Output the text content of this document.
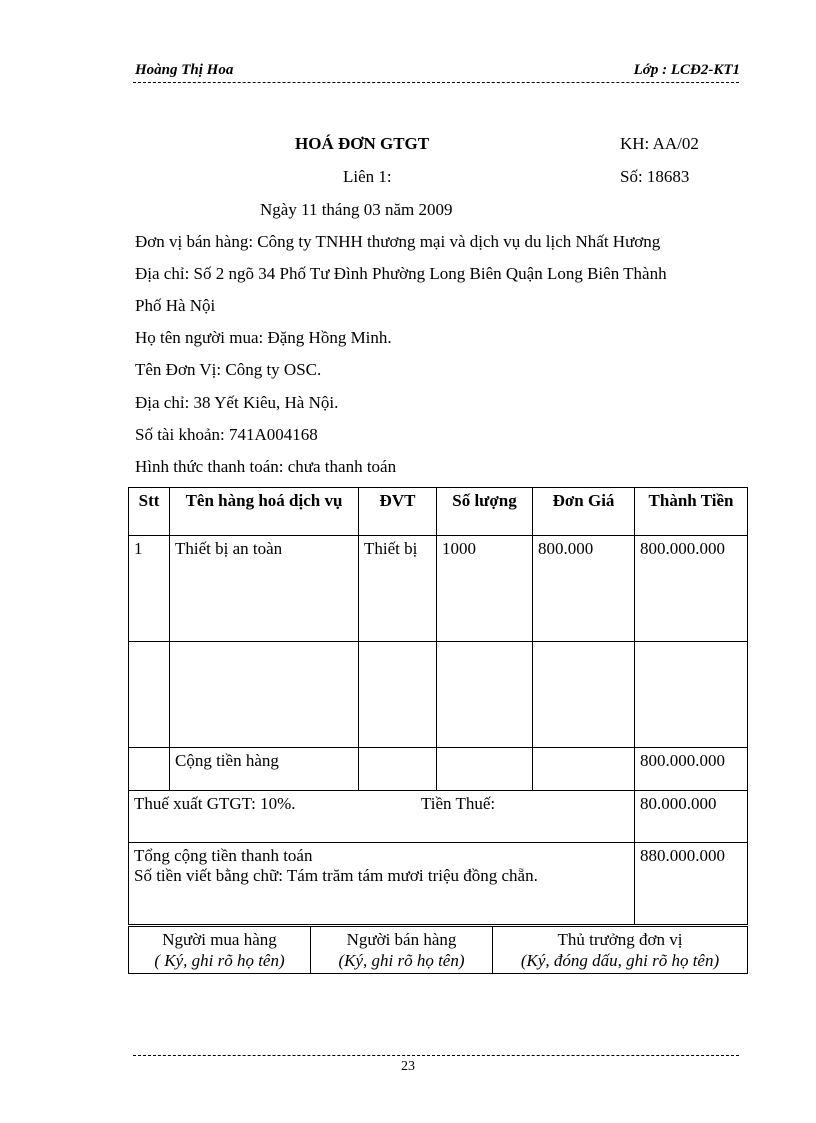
Hoàng Thị Hoa	Lớp : LCĐ2-KT1
HOÁ ĐƠN GTGT	KH: AA/02
Liên 1:	Số: 18683
Ngày 11 tháng 03 năm 2009
Đơn vị bán hàng: Công ty TNHH thương mại và dịch vụ du lịch Nhất Hương
Địa chỉ: Số 2 ngõ 34 Phố Tư Đình Phường Long Biên Quận Long Biên Thành
Phố Hà Nội
Họ tên người mua: Đặng Hồng Minh.
Tên Đơn Vị: Công ty OSC.
Địa chỉ: 38 Yết Kiêu, Hà Nội.
Số tài khoản: 741A004168
Hình thức thanh toán: chưa thanh toán
Stt	Tên hàng hoá dịch vụ	ĐVT	Số lượng	Đơn Giá	Thành Tiền
1	Thiết bị an toàn	Thiết bị	1000	800.000	800.000.000

	Cộng tiền hàng				800.000.000

Thuế xuất GTGT: 10%. Tiền Thuế:					80.000.000

Tổng cộng tiền thanh toán
Số tiền viết bằng chữ: Tám trăm tám mươi triệu đồng chẵn.					880.000.000
Người mua hàng
( Ký, ghi rõ họ tên)

Người bán hàng
(Ký, ghi rõ họ tên)

Thủ trưởng đơn vị
(Ký, đóng dấu, ghi rõ họ tên)
23
